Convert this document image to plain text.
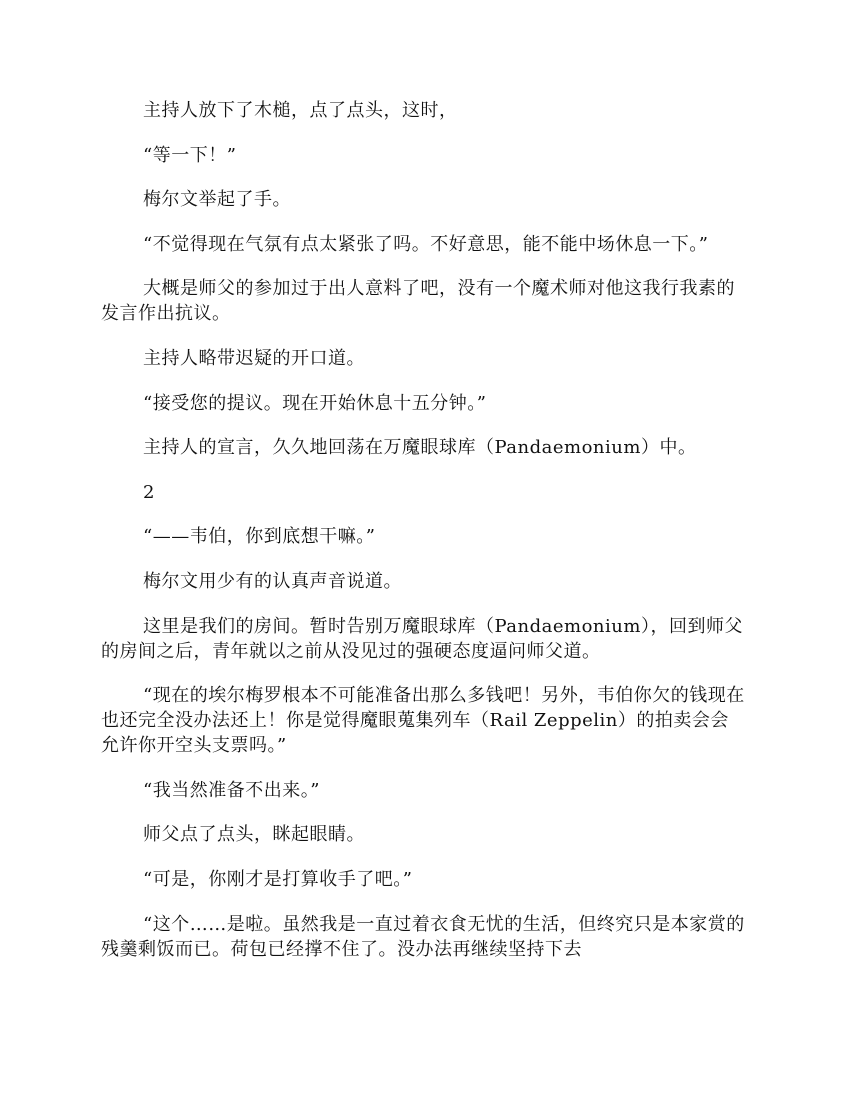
主持人放下了木槌，点了点头，这时，

“等一下！”

梅尔文举起了手。

“不觉得现在气氛有点太紧张了吗。不好意思，能不能中场休息一下。”

大概是师父的参加过于出人意料了吧，没有一个魔术师对他这我行我素的发言作出抗议。

主持人略带迟疑的开口道。

“接受您的提议。现在开始休息十五分钟。”

主持人的宣言，久久地回荡在万魔眼球库（Pandaemonium）中。

2

“——韦伯，你到底想干嘛。”

梅尔文用少有的认真声音说道。

这里是我们的房间。暂时告别万魔眼球库（Pandaemonium），回到师父的房间之后，青年就以之前从没见过的强硬态度逼问师父道。

“现在的埃尔梅罗根本不可能准备出那么多钱吧！另外，韦伯你欠的钱现在也还完全没办法还上！你是觉得魔眼蒐集列车（Rail Zeppelin）的拍卖会会允许你开空头支票吗。”

“我当然准备不出来。”

师父点了点头，眯起眼睛。

“可是，你刚才是打算收手了吧。”

“这个……是啦。虽然我是一直过着衣食无忧的生活，但终究只是本家赏的残羹剩饭而已。荷包已经撑不住了。没办法再继续坚持下去
